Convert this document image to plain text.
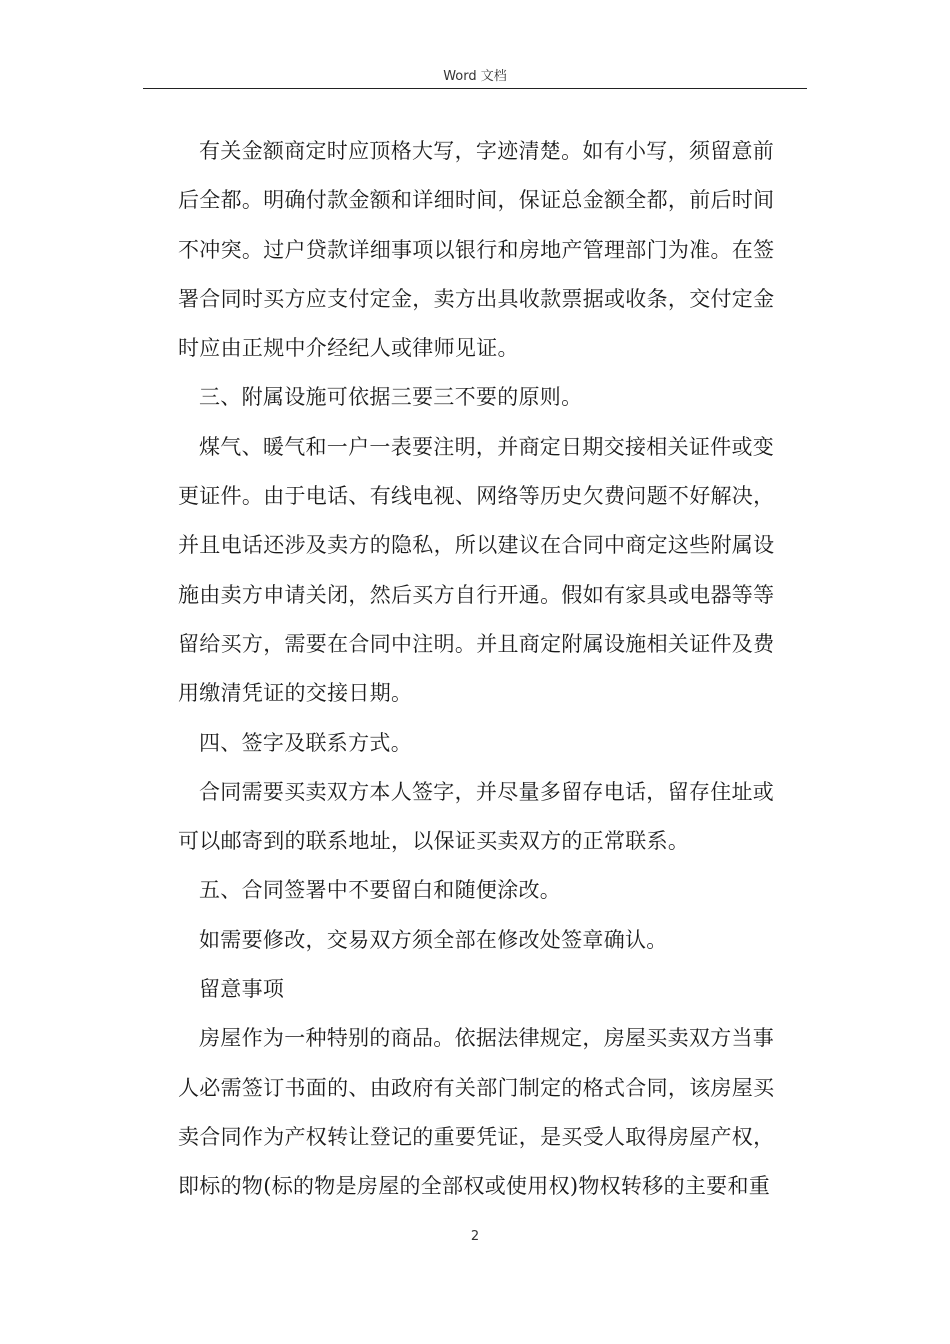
Word 文档

有关金额商定时应顶格大写，字迹清楚。如有小写，须留意前
后全都。明确付款金额和详细时间，保证总金额全都，前后时间
不冲突。过户贷款详细事项以银行和房地产管理部门为准。在签
署合同时买方应支付定金，卖方出具收款票据或收条，交付定金
时应由正规中介经纪人或律师见证。

三、附属设施可依据三要三不要的原则。

煤气、暖气和一户一表要注明，并商定日期交接相关证件或变
更证件。由于电话、有线电视、网络等历史欠费问题不好解决，
并且电话还涉及卖方的隐私，所以建议在合同中商定这些附属设
施由卖方申请关闭，然后买方自行开通。假如有家具或电器等等
留给买方，需要在合同中注明。并且商定附属设施相关证件及费
用缴清凭证的交接日期。

四、签字及联系方式。

合同需要买卖双方本人签字，并尽量多留存电话，留存住址或
可以邮寄到的联系地址，以保证买卖双方的正常联系。

五、合同签署中不要留白和随便涂改。

如需要修改，交易双方须全部在修改处签章确认。

留意事项

房屋作为一种特别的商品。依据法律规定，房屋买卖双方当事
人必需签订书面的、由政府有关部门制定的格式合同，该房屋买
卖合同作为产权转让登记的重要凭证，是买受人取得房屋产权，
即标的物(标的物是房屋的全部权或使用权)物权转移的主要和重

2
